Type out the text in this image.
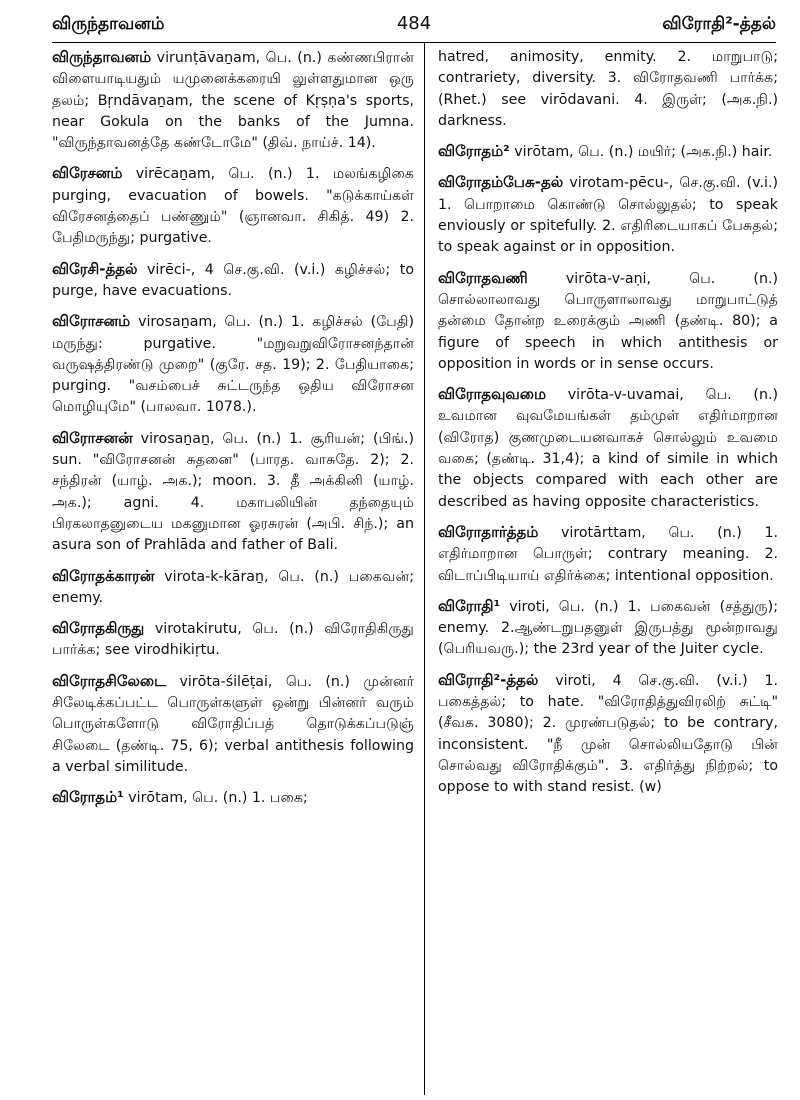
விருந்தாவனம்	484	விரோதி²-த்தல்
விருந்தாவனம் virunṭāvaṉam, பெ. (n.) கண்ணபிரான் விளையாடியதும் யமுனைக்கரையி லுள்ளதுமான ஒரு தலம்; Bṛndāvaṉam, the scene of Kṛṣṇa's sports, near Gokula on the banks of the Jumna. "விருந்தாவனத்தே கண்டோமே" (திவ். நாய்ச். 14).
விரேசனம் virēcaṉam, பெ. (n.) 1. மலங்கழிகை purging, evacuation of bowels. "கடுக்காய்கள் விரேசனத்தைப் பண்ணும்" (ஞானவா. சிகித். 49) 2. பேதிமருந்து; purgative.
விரேசி-த்தல் virēci-, 4 செ.கு.வி. (v.i.) கழிச்சல்; to purge, have evacuations.
விரோசனம் virosaṉam, பெ. (n.) 1. கழிச்சல் (பேதி) மருந்து: purgative. "மறுவறுவிரோசனந்தான் வருஷத்திரண்டு முறை" (குரே. சத. 19); 2. பேதியாகை; purging. "வசம்பைச் சுட்டருந்த ஒதிய விரோசன மொழியுமே" (பாலவா. 1078.).
விரோசனன் virosaṉaṉ, பெ. (n.) 1. சூரியன்; (பிங்.) sun. "விரோசனன் சுதனை" (பாரத. வாசுதே. 2); 2. சந்திரன் (யாழ். அக.); moon. 3. தீ அக்கினி (யாழ். அக.); agni. 4. மகாபலியின் தந்தையும் பிரகலாதனுடைய மகனுமான ஓரசுரன் (அபி. சிந்.); an asura son of Prahlāda and father of Bali.
விரோதக்காரன் virota-k-kāraṉ, பெ. (n.) பகைவன்; enemy.
விரோதகிருது virotakirutu, பெ. (n.) விரோதிகிருது பார்க்க; see virodhikiṛtu.
விரோதசிலேடை virōta-śilēṭai, பெ. (n.) முன்னர் சிலேடிக்கப்பட்ட பொருள்களுள் ஒன்று பின்னர் வரும் பொருள்களோடு விரோதிப்பத் தொடுக்கப்படுஞ் சிலேடை (தண்டி. 75, 6); verbal antithesis following a verbal similitude.
விரோதம்¹ virōtam, பெ. (n.) 1. பகை;
hatred, animosity, enmity. 2. மாறுபாடு; contrariety, diversity. 3. விரோதவணி பார்க்க; (Rhet.) see virōdavani. 4. இருள்; (அக.நி.) darkness.
விரோதம்² virōtam, பெ. (n.) மயிர்; (அக.நி.) hair.
விரோதம்பேசு-தல் virotam-pēcu-, செ.கு.வி. (v.i.) 1. பொறாமை கொண்டு சொல்லுதல்; to speak enviously or spitefully. 2. எதிரிடையாகப் பேசுதல்; to speak against or in opposition.
விரோதவணி virōta-v-aṇi, பெ. (n.) சொல்லாலாவது பொருளாலாவது மாறுபாட்டுத் தன்மை தோன்ற உரைக்கும் அணி (தண்டி. 80); a figure of speech in which antithesis or opposition in words or in sense occurs.
விரோதவுவமை virōta-v-uvamai, பெ. (n.) உவமான வுவமேயங்கள் தம்முள் எதிர்மாறான (விரோத) குணமுடையனவாகச் சொல்லும் உவமை வகை; (தண்டி. 31,4); a kind of simile in which the objects compared with each other are described as having opposite characteristics.
விரோதார்த்தம் virotārttam, பெ. (n.) 1. எதிர்மாறான பொருள்; contrary meaning. 2. விடாப்பிடியாய் எதிர்க்கை; intentional opposition.
விரோதி¹ viroti, பெ. (n.) 1. பகைவன் (சத்துரு); enemy. 2.ஆண்டறுபதனுள் இருபத்து மூன்றாவது (பெரியவரு.); the 23rd year of the Juiter cycle.
விரோதி²-த்தல் viroti, 4 செ.கு.வி. (v.i.) 1. பகைத்தல்; to hate. "விரோதித்துவிரலிற் சுட்டி" (சீவக. 3080); 2. முரண்படுதல்; to be contrary, inconsistent. "நீ முன் சொல்லியதோடு பின் சொல்வது விரோதிக்கும்". 3. எதிர்த்து நிற்றல்; to oppose to with stand resist. (w)
